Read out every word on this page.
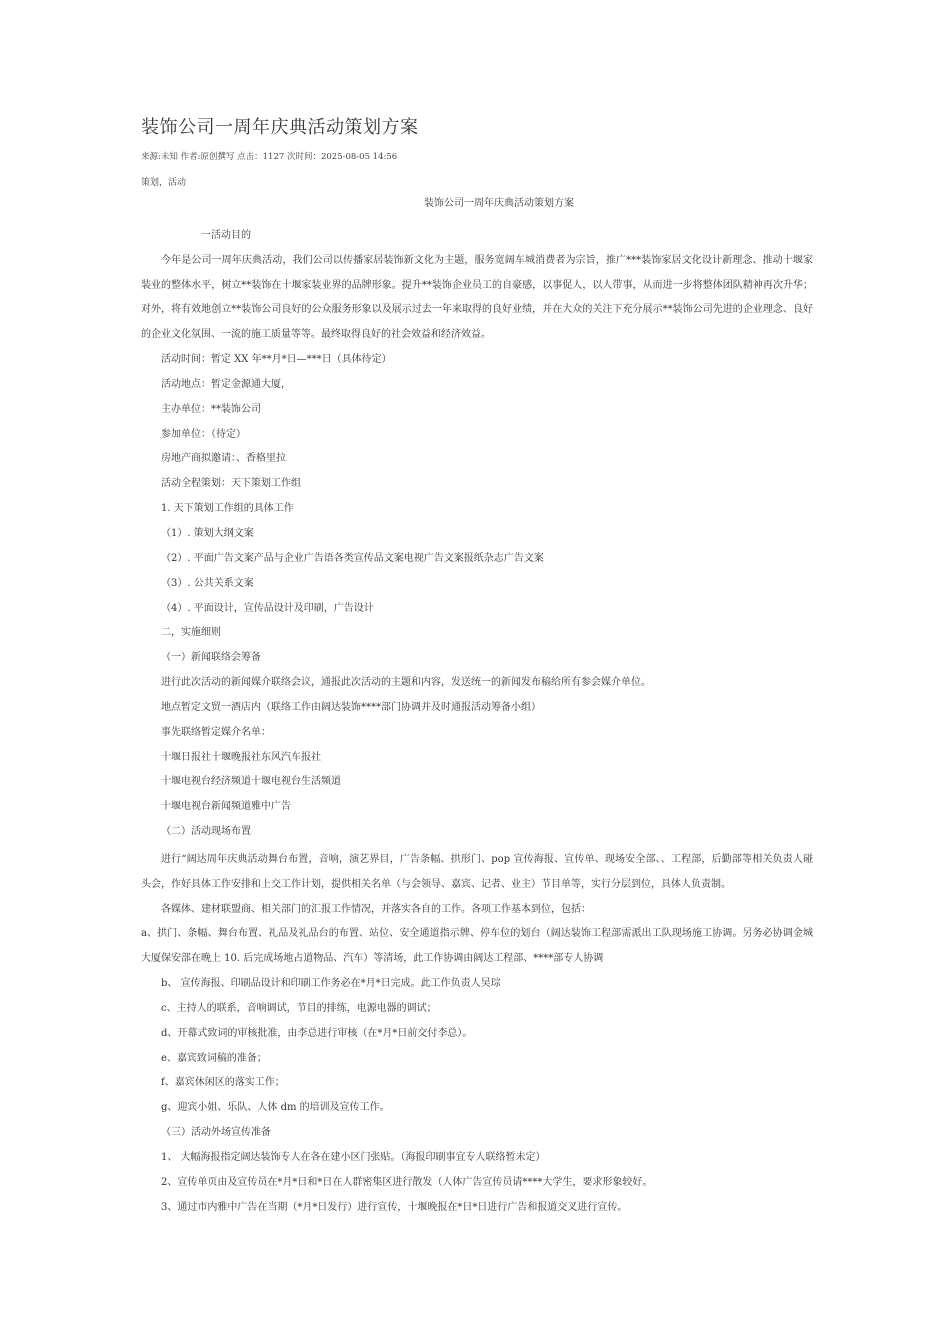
装饰公司一周年庆典活动策划方案
来源:未知 作者:原创撰写 点击：1127 次时间：2025-08-05 14:56
策划，活动
装饰公司一周年庆典活动策划方案
一活动目的
今年是公司一周年庆典活动，我们公司以传播家居装饰新文化为主题，服务宽阔车城消费者为宗旨，推广***装饰家居文化设计新理念、推动十堰家装业的整体水平，树立**装饰在十堰家装业界的品牌形象。提升**装饰企业员工的自豪感，以事促人，以人带事，从而进一步将整体团队精神再次升华；对外，将有效地创立**装饰公司良好的公众服务形象以及展示过去一年来取得的良好业绩，并在大众的关注下充分展示**装饰公司先进的企业理念、良好的企业文化氛围、一流的施工质量等等。最终取得良好的社会效益和经济效益。
活动时间：暂定 XX 年**月*日—***日（具体待定）
活动地点：暂定金源通大厦，
主办单位：**装饰公司
参加单位：（待定）
房地产商拟邀请：、香格里拉
活动全程策划：天下策划工作组
1. 天下策划工作组的具体工作
（1）. 策划大纲文案
（2）. 平面广告文案产品与企业广告语各类宣传品文案电视广告文案报纸杂志广告文案
（3）. 公共关系文案
（4）. 平面设计，宣传品设计及印刷，广告设计
二，实施细则
（一）新闻联络会筹备
进行此次活动的新闻媒介联络会议，通报此次活动的主题和内容，发送统一的新闻发布稿给所有参会媒介单位。
地点暂定文贸一酒店内（联络工作由阔达装饰****部门协调并及时通报活动筹备小组）
事先联络暂定媒介名单：
十堰日报社十堰晚报社东风汽车报社
十堰电视台经济频道十堰电视台生活频道
十堰电视台新闻频道雅中广告
（二）活动现场布置
进行“阔达周年庆典活动舞台布置，音响，演艺界目，广告条幅、拱形门、pop 宣传海报、宣传单、现场安全部、、工程部，后勤部等相关负责人碰头会，作好具体工作安排和上交工作计划，提供相关名单（与会领导、嘉宾、记者、业主）节目单等，实行分层到位，具体人负责制。
各媒体、建材联盟商、相关部门的汇报工作情况，并落实各自的工作。各项工作基本到位，包括：
a、拱门、条幅、舞台布置、礼品及礼品台的布置、站位、安全通道指示牌、停车位的划台（阔达装饰工程部需派出工队现场施工协调。另务必协调金城大厦保安部在晚上 10. 后完成场地占道物品、汽车）等清场，此工作协调由阔达工程部、****部专人协调
b、 宣传海报、印刷品设计和印刷工作务必在*月*日完成。此工作负责人吴琮
c、主持人的联系，音响调试，节目的排练，电源电器的调试；
d、开幕式致词的审核批准，由李总进行审核（在*月*日前交付李总）。
e、嘉宾致词稿的准备；
f、嘉宾休闲区的落实工作；
g、迎宾小姐、乐队、人体 dm 的培训及宣传工作。
（三）活动外场宣传准备
1、 大幅海报指定阔达装饰专人在各在建小区门张贴。（海报印刷事宜专人联络暂未定）
2、宣传单页由及宣传员在*月*日和*日在人群密集区进行散发（人体广告宣传员请****大学生，要求形象较好。
3、通过市内雅中广告在当期（*月*日发行）进行宣传，十堰晚报在*日*日进行广告和报道交叉进行宣传。
